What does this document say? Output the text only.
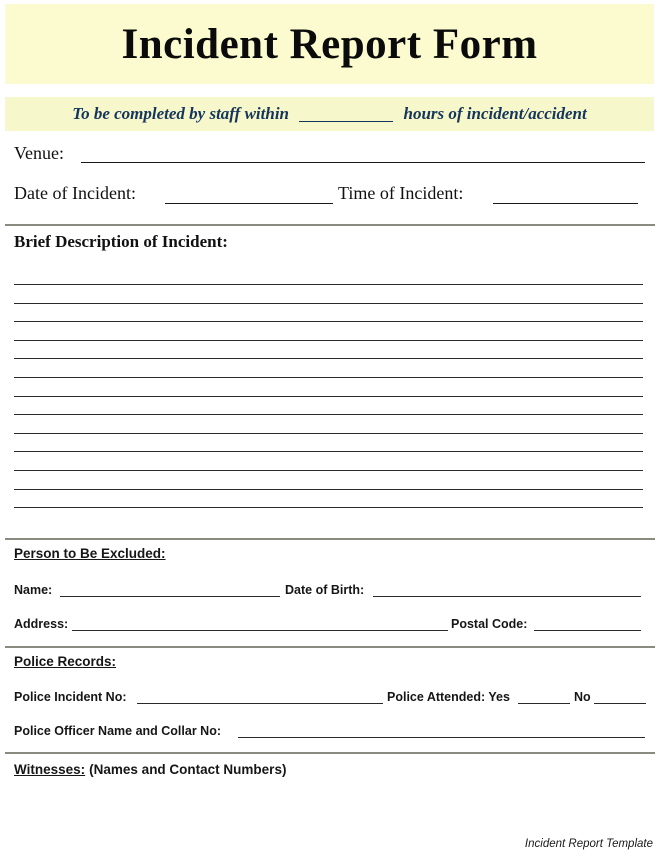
Incident Report Form
To be completed by staff within

	hours of incident/accident
Venue:
Date of Incident:	Time of Incident:
Brief Description of Incident:
Person to Be Excluded:
Name:	Date of Birth:
Address:	Postal Code:
Police Records:
Police Incident No:	Police Attended: Yes	No
Police Officer Name and Collar No:
Witnesses: (Names and Contact Numbers)
Incident Report Template
